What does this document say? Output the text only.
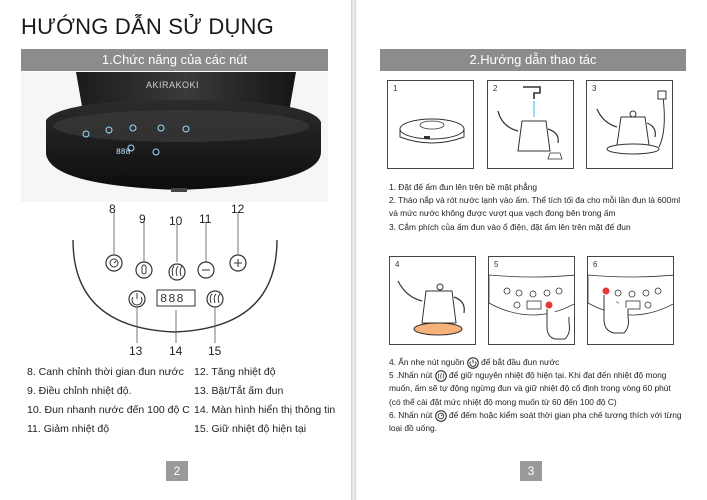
HƯỚNG DẪN SỬ DỤNG
1.Chức năng của các nút
888
AKIRAKOKI
888
8
9 10 11
12
13 14 15
8. Canh chỉnh thời gian đun nước
9. Điều chỉnh nhiệt độ.
10. Đun nhanh nước đến 100 độ C
11. Giảm nhiệt độ
12. Tăng nhiệt độ
13. Bật/Tắt ấm đun
14. Màn hình hiển thị thông tin
15. Giữ nhiệt độ hiện tại
2
2.Hướng dẫn thao tác
1	2	3
1. Đặt đế ấm đun lên trên bề mặt phẳng
2. Tháo nắp và rót nước lạnh vào ấm. Thể tích tối đa cho mỗi lần đun là 600ml
và mức nước không được vượt qua vạch đong bên trong ấm
3. Cắm phích của ấm đun vào ổ điện, đặt ấm lên trên mặt đế đun
4	5	6
4. Ấn nhẹ nút nguồn để bắt đầu đun nước
5 .Nhấn nút để giữ nguyên nhiệt độ hiện tại. Khi đạt đến nhiệt độ mong
muốn, ấm sẽ tự động ngừng đun và giữ nhiệt độ cố định trong vòng 60 phút
(có thể cài đặt mức nhiệt độ mong muốn từ 60 đến 100 độ C)
6. Nhấn nút để đếm hoặc kiểm soát thời gian pha chế tương thích với từng
loại đồ uống.
3
